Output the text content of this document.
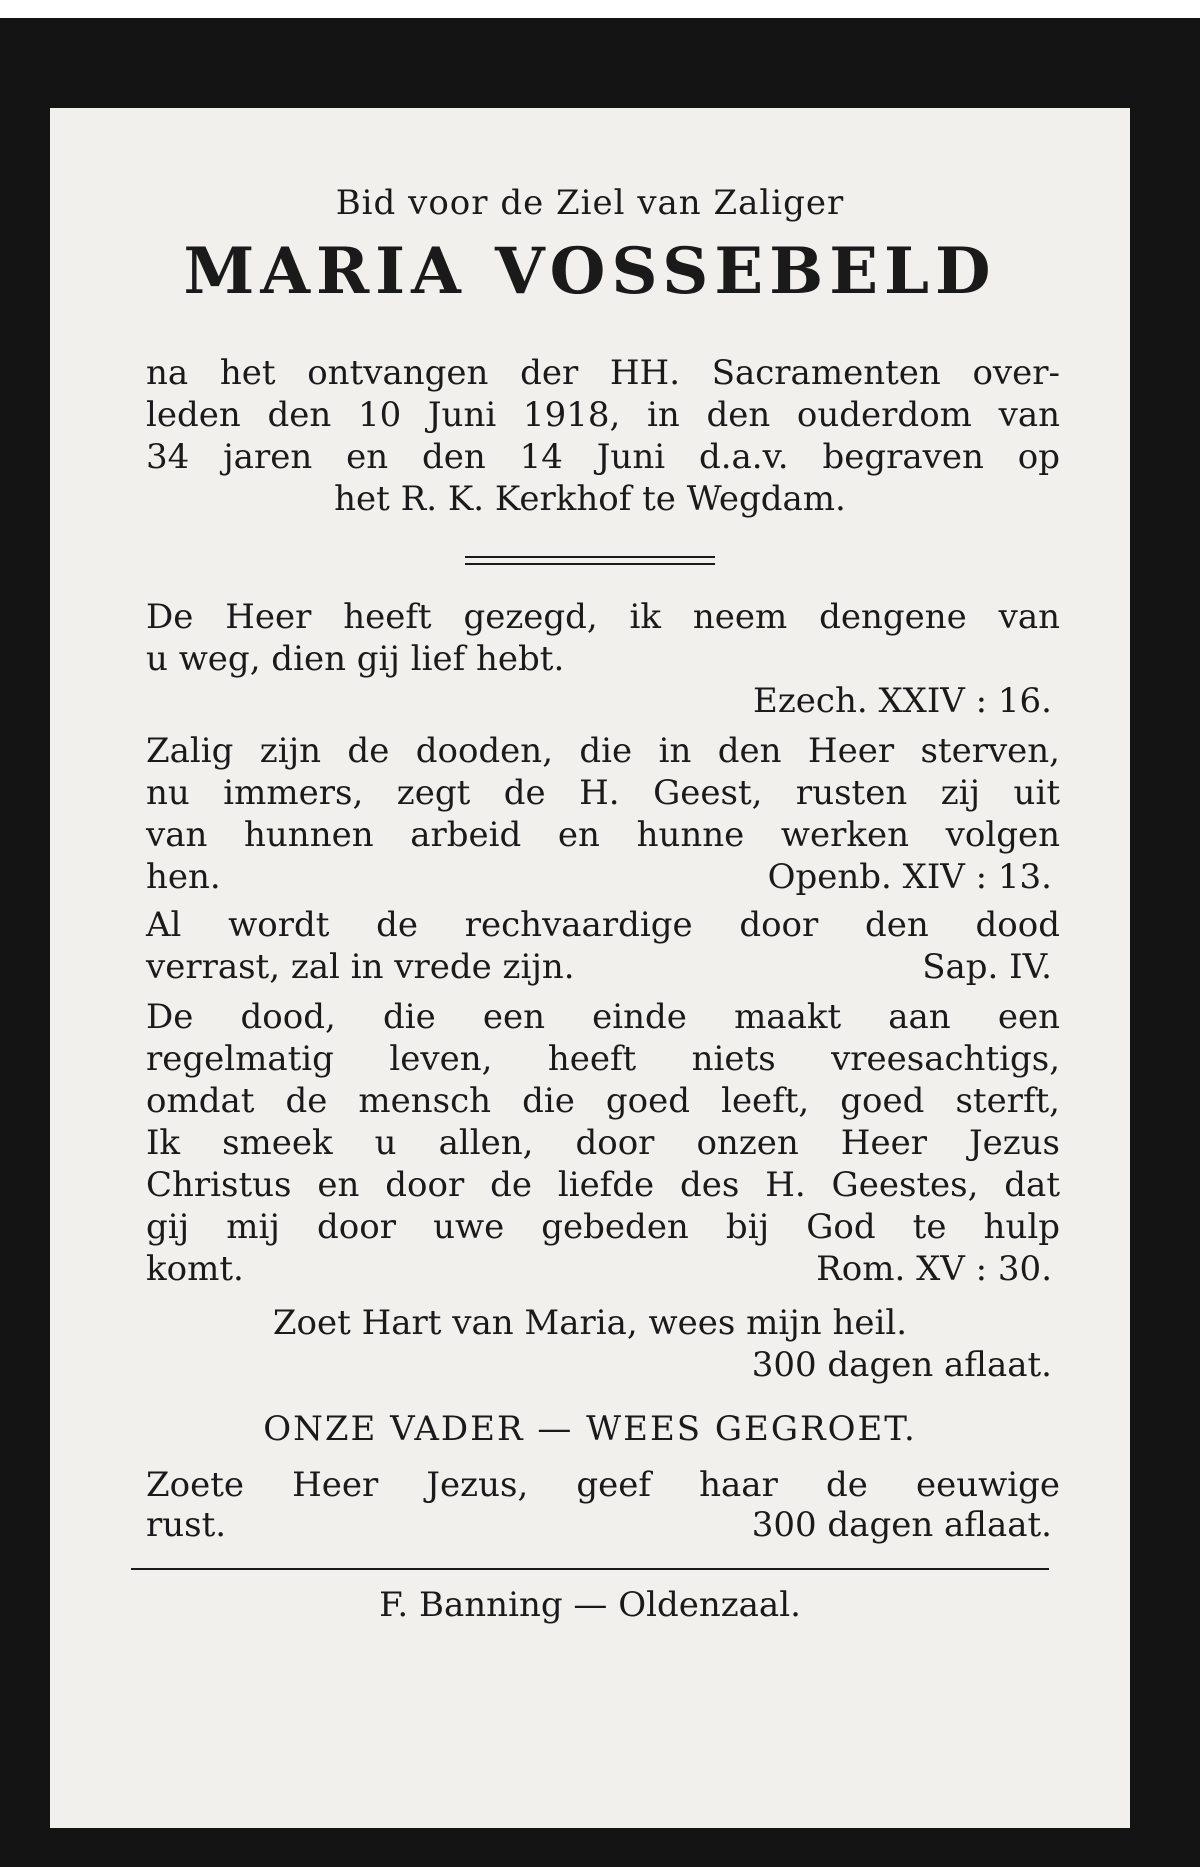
Bid voor de Ziel van Zaliger
MARIA VOSSEBELD
na het ontvangen der HH. Sacramenten over-
leden den 10 Juni 1918, in den ouderdom van
34 jaren en den 14 Juni d.a.v. begraven op
het R. K. Kerkhof te Wegdam.
De Heer heeft gezegd, ik neem dengene van
u weg, dien gij lief hebt.
Ezech. XXIV : 16.
Zalig zijn de dooden, die in den Heer sterven,
nu immers, zegt de H. Geest, rusten zij uit
van hunnen arbeid en hunne werken volgen
hen.	Openb. XIV : 13.
Al wordt de rechvaardige door den dood
verrast, zal in vrede zijn.	Sap. IV.
De dood, die een einde maakt aan een
regelmatig leven, heeft niets vreesachtigs,
omdat de mensch die goed leeft, goed sterft,
Ik smeek u allen, door onzen Heer Jezus
Christus en door de liefde des H. Geestes, dat
gij mij door uwe gebeden bij God te hulp
komt.	Rom. XV : 30.
Zoet Hart van Maria, wees mijn heil.
300 dagen aflaat.
ONZE VADER — WEES GEGROET.
Zoete Heer Jezus, geef haar de eeuwige
rust.	300 dagen aflaat.
F. Banning — Oldenzaal.
